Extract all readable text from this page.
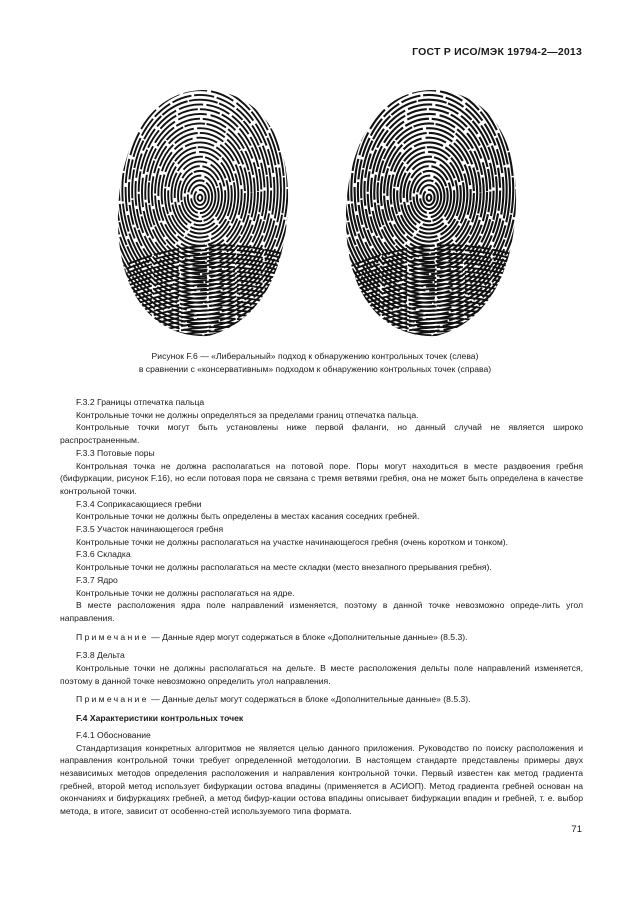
ГОСТ Р ИСО/МЭК 19794-2—2013
Рисунок F.6 — «Либеральный» подход к обнаружению контрольных точек (слева)
в сравнении с «консервативным» подходом к обнаружению контрольных точек (справа)

F.3.2 Границы отпечатка пальца

Контрольные точки не должны определяться за пределами границ отпечатка пальца.

Контрольные точки могут быть установлены ниже первой фаланги, но данный случай не является широко распространенным.

F.3.3 Потовые поры

Контрольная точка не должна располагаться на потовой поре. Поры могут находиться в месте раздвоения гребня (бифуркации, рисунок F.16), но если потовая пора не связана с тремя ветвями гребня, она не может быть определена в качестве контрольной точки.

F.3.4 Соприкасающиеся гребни

Контрольные точки не должны быть определены в местах касания соседних гребней.

F.3.5 Участок начинающегося гребня

Контрольные точки не должны располагаться на участке начинающегося гребня (очень коротком и тонком).

F.3.6 Складка

Контрольные точки не должны располагаться на месте складки (место внезапного прерывания гребня).

F.3.7 Ядро

Контрольные точки не должны располагаться на ядре.

В месте расположения ядра поле направлений изменяется, поэтому в данной точке невозможно опреде-лить угол направления.

Примечание — Данные ядер могут содержаться в блоке «Дополнительные данные» (8.5.3).

F.3.8 Дельта

Контрольные точки не должны располагаться на дельте. В месте расположения дельты поле направлений изменяется, поэтому в данной точке невозможно определить угол направления.

Примечание — Данные дельт могут содержаться в блоке «Дополнительные данные» (8.5.3).

F.4 Характеристики контрольных точек

F.4.1 Обоснование

Стандартизация конкретных алгоритмов не является целью данного приложения. Руководство по поиску расположения и направления контрольной точки требует определенной методологии. В настоящем стандарте представлены примеры двух независимых методов определения расположения и направления контрольной точки. Первый известен как метод градиента гребней, второй метод использует бифуркации остова впадины (применяется в АСИОП). Метод градиента гребней основан на окончаниях и бифуркациях гребней, а метод бифур-кации остова впадины описывает бифуркации впадин и гребней, т. е. выбор метода, в итоге, зависит от особенно-стей используемого типа формата.

71
